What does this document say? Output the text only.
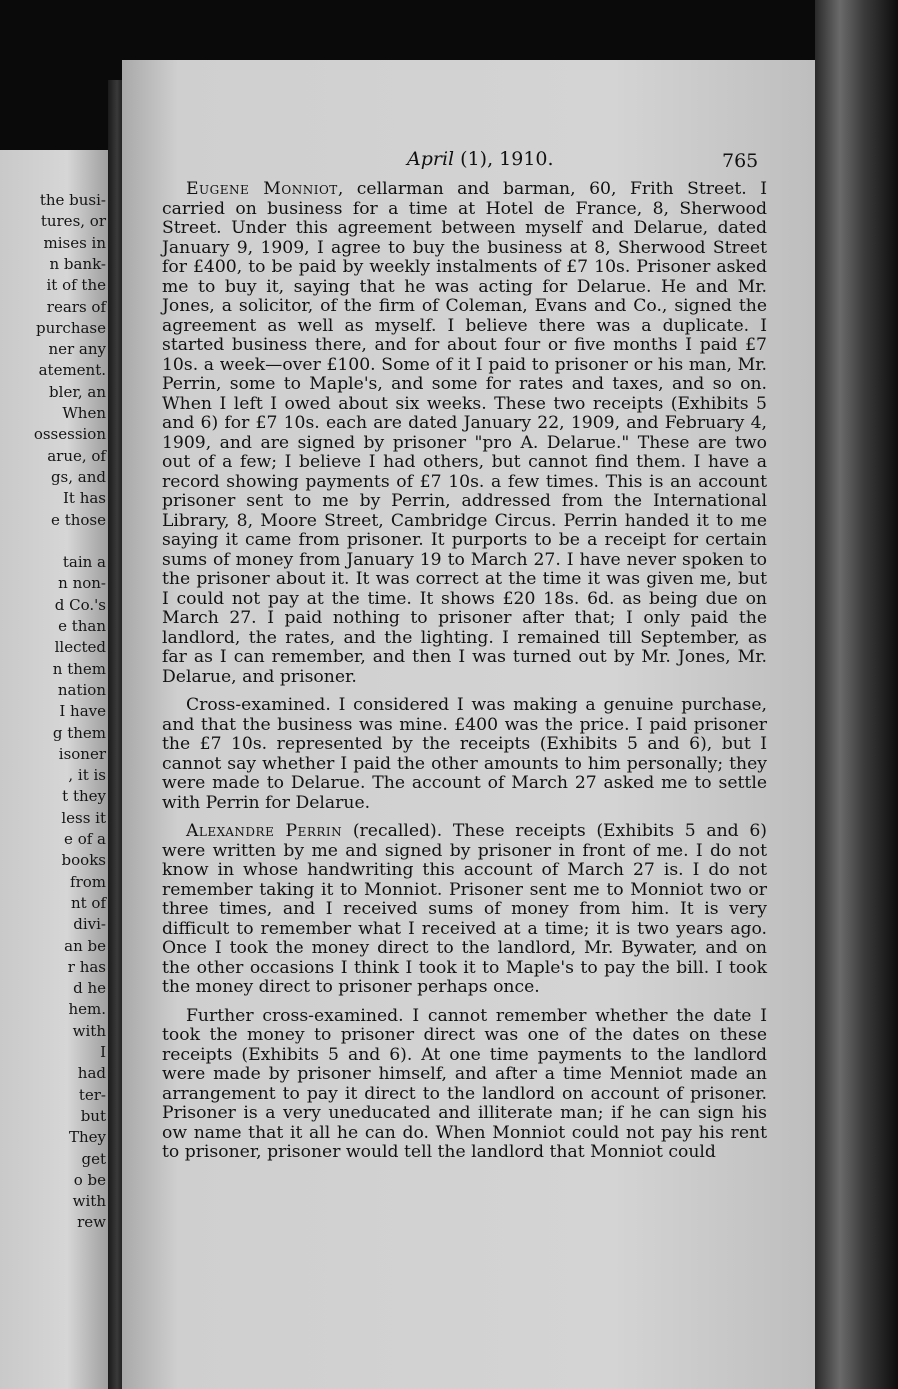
the busi-
tures, or
mises in
n bank-
it of the
rears of
purchase
ner any
atement.
bler, an
When
ossession
arue, of
gs, and
It has
e those
tain a
n non-
d Co.'s
e than
llected
n them
nation
I have
g them
isoner
, it is
t they
less it
e of a
books
from
nt of
divi-
an be
r has
d he
hem.
with
I
had
ter-
but
They
get
o be
with
rew
April (1), 1910.	765

Eugene Monniot, cellarman and barman, 60, Frith Street. I carried on business for a time at Hotel de France, 8, Sherwood Street. Under this agreement between myself and Delarue, dated January 9, 1909, I agree to buy the business at 8, Sherwood Street for £400, to be paid by weekly instalments of £7 10s. Prisoner asked me to buy it, saying that he was acting for Delarue. He and Mr. Jones, a solicitor, of the firm of Coleman, Evans and Co., signed the agreement as well as myself. I believe there was a duplicate. I started business there, and for about four or five months I paid £7 10s. a week—over £100. Some of it I paid to prisoner or his man, Mr. Perrin, some to Maple's, and some for rates and taxes, and so on. When I left I owed about six weeks. These two receipts (Exhibits 5 and 6) for £7 10s. each are dated January 22, 1909, and February 4, 1909, and are signed by prisoner "pro A. Delarue." These are two out of a few; I believe I had others, but cannot find them. I have a record showing payments of £7 10s. a few times. This is an account prisoner sent to me by Perrin, addressed from the International Library, 8, Moore Street, Cambridge Circus. Perrin handed it to me saying it came from prisoner. It purports to be a receipt for certain sums of money from January 19 to March 27. I have never spoken to the prisoner about it. It was correct at the time it was given me, but I could not pay at the time. It shows £20 18s. 6d. as being due on March 27. I paid nothing to prisoner after that; I only paid the landlord, the rates, and the lighting. I remained till September, as far as I can remember, and then I was turned out by Mr. Jones, Mr. Delarue, and prisoner.

Cross-examined. I considered I was making a genuine purchase, and that the business was mine. £400 was the price. I paid prisoner the £7 10s. represented by the receipts (Exhibits 5 and 6), but I cannot say whether I paid the other amounts to him personally; they were made to Delarue. The account of March 27 asked me to settle with Perrin for Delarue.

Alexandre Perrin (recalled). These receipts (Exhibits 5 and 6) were written by me and signed by prisoner in front of me. I do not know in whose handwriting this account of March 27 is. I do not remember taking it to Monniot. Prisoner sent me to Monniot two or three times, and I received sums of money from him. It is very difficult to remember what I received at a time; it is two years ago. Once I took the money direct to the landlord, Mr. Bywater, and on the other occasions I think I took it to Maple's to pay the bill. I took the money direct to prisoner perhaps once.

Further cross-examined. I cannot remember whether the date I took the money to prisoner direct was one of the dates on these receipts (Exhibits 5 and 6). At one time payments to the landlord were made by prisoner himself, and after a time Menniot made an arrangement to pay it direct to the landlord on account of prisoner. Prisoner is a very uneducated and illiterate man; if he can sign his ow name that it all he can do. When Monniot could not pay his rent to prisoner, prisoner would tell the landlord that Monniot could
